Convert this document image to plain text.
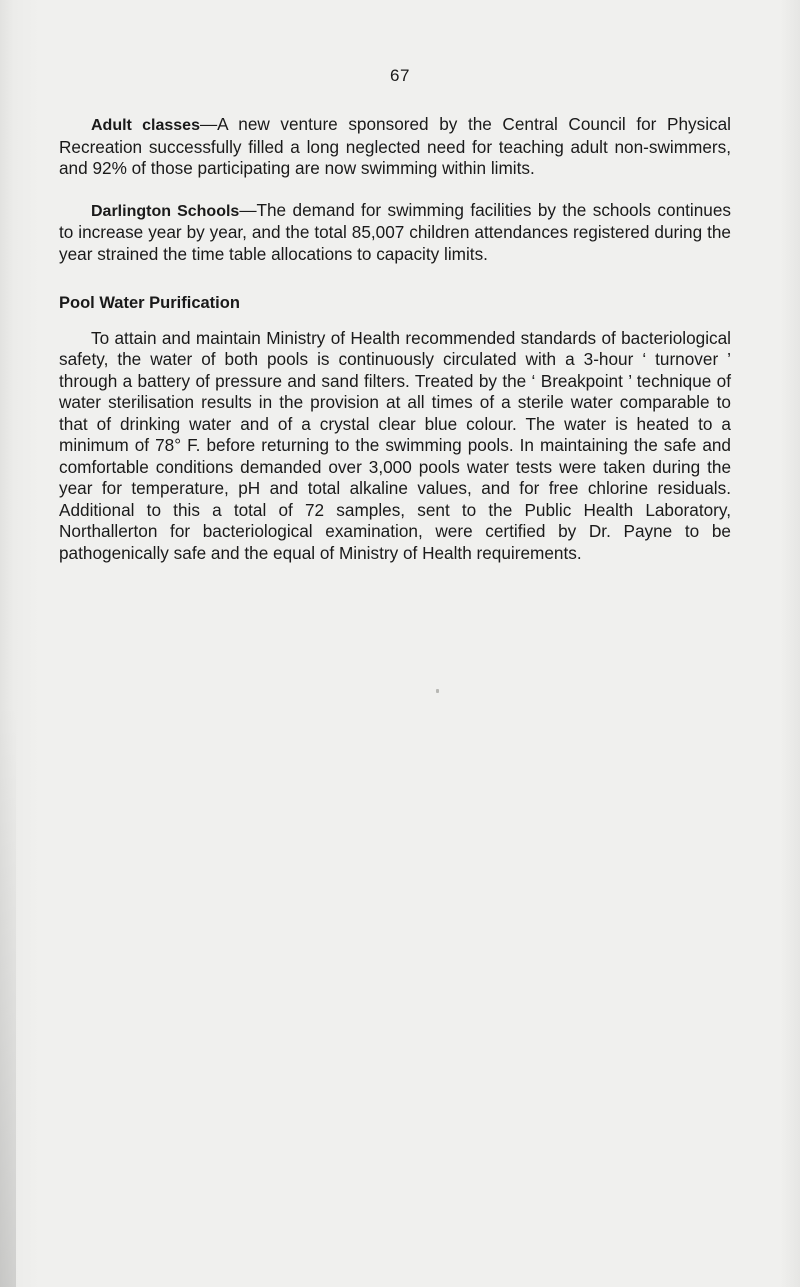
67

Adult classes—A new venture sponsored by the Central Council for Physical Recreation successfully filled a long neglected need for teaching adult non-swimmers, and 92% of those participating are now swimming within limits.

Darlington Schools—The demand for swimming facilities by the schools continues to increase year by year, and the total 85,007 children attendances registered during the year strained the time table allocations to capacity limits.

Pool Water Purification

To attain and maintain Ministry of Health recommended standards of bacteriological safety, the water of both pools is continuously circulated with a 3-hour ‘ turnover ’ through a battery of pressure and sand filters. Treated by the ‘ Breakpoint ’ technique of water sterilisation results in the provision at all times of a sterile water comparable to that of drinking water and of a crystal clear blue colour. The water is heated to a minimum of 78° F. before returning to the swimming pools. In maintaining the safe and comfortable conditions demanded over 3,000 pools water tests were taken during the year for temperature, pH and total alkaline values, and for free chlorine residuals. Additional to this a total of 72 samples, sent to the Public Health Laboratory, Northallerton for bacteriological examination, were certified by Dr. Payne to be pathogenically safe and the equal of Ministry of Health requirements.
